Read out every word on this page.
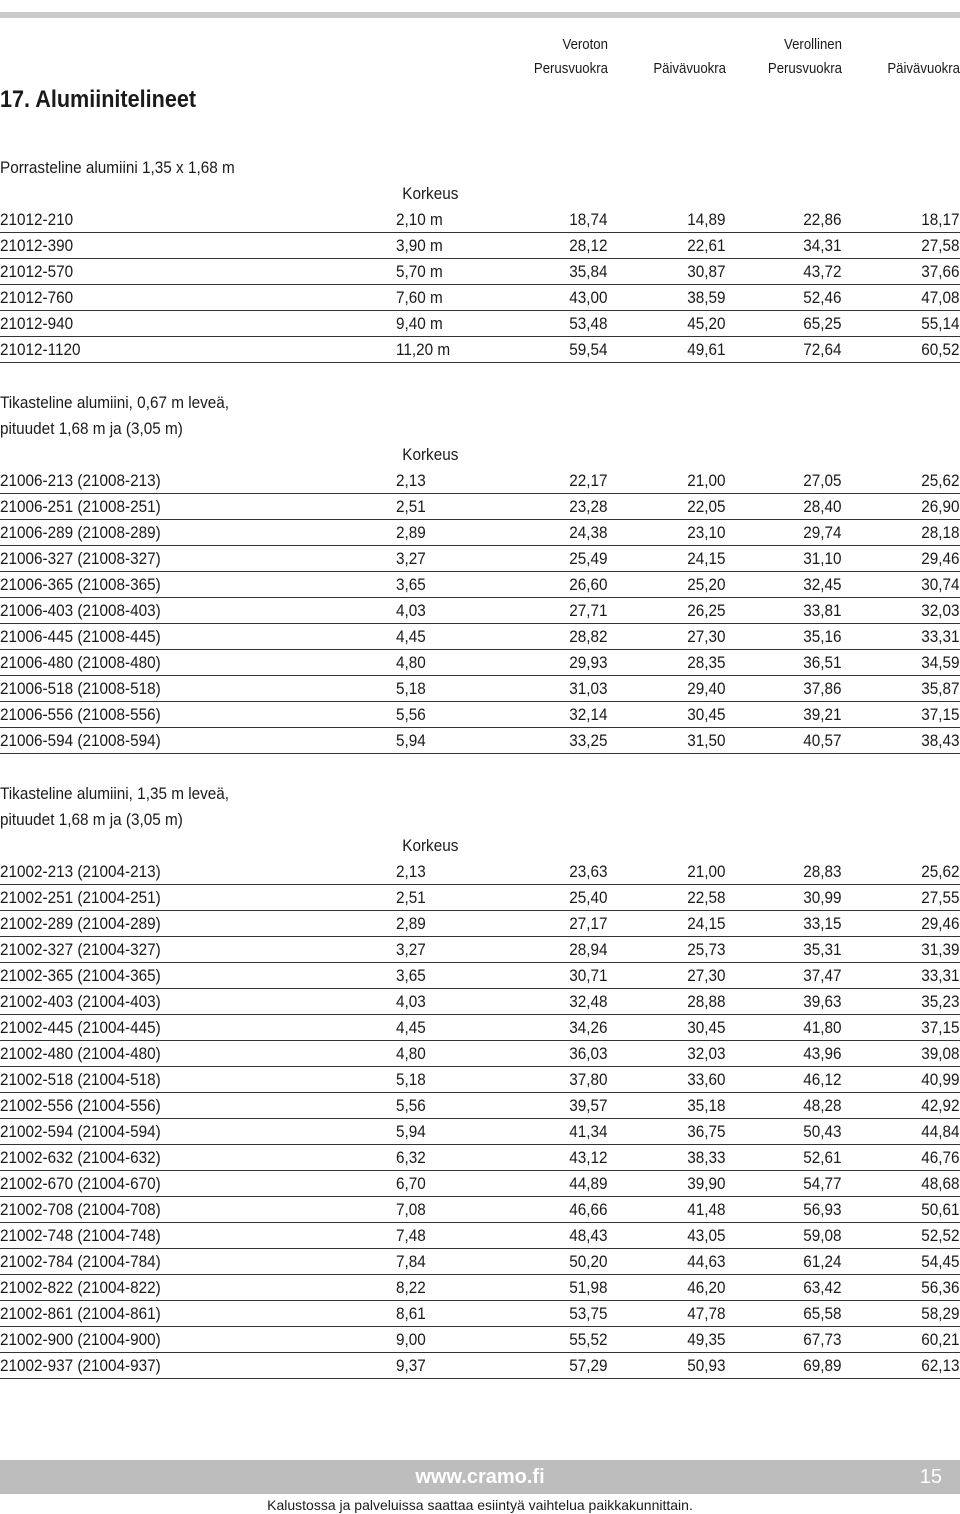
Veroton
Perusvuokra
	Päivävuokra
Verollinen
Perusvuokra
	Päivävuokra
17. Alumiinitelineet
Porrasteline alumiini 1,35 x 1,68 m
Korkeus
21012-210	2,10 m	18,74	14,89	22,86	18,17
21012-390	3,90 m	28,12	22,61	34,31	27,58
21012-570	5,70 m	35,84	30,87	43,72	37,66
21012-760	7,60 m	43,00	38,59	52,46	47,08
21012-940	9,40 m	53,48	45,20	65,25	55,14
21012-1120	11,20 m	59,54	49,61	72,64	60,52
Tikasteline alumiini, 0,67 m leveä,
pituudet 1,68 m ja (3,05 m)
Korkeus
21006-213 (21008-213)	2,13	22,17	21,00	27,05	25,62
21006-251 (21008-251)	2,51	23,28	22,05	28,40	26,90
21006-289 (21008-289)	2,89	24,38	23,10	29,74	28,18
21006-327 (21008-327)	3,27	25,49	24,15	31,10	29,46
21006-365 (21008-365)	3,65	26,60	25,20	32,45	30,74
21006-403 (21008-403)	4,03	27,71	26,25	33,81	32,03
21006-445 (21008-445)	4,45	28,82	27,30	35,16	33,31
21006-480 (21008-480)	4,80	29,93	28,35	36,51	34,59
21006-518 (21008-518)	5,18	31,03	29,40	37,86	35,87
21006-556 (21008-556)	5,56	32,14	30,45	39,21	37,15
21006-594 (21008-594)	5,94	33,25	31,50	40,57	38,43
Tikasteline alumiini, 1,35 m leveä,
pituudet 1,68 m ja (3,05 m)
Korkeus
21002-213 (21004-213)	2,13	23,63	21,00	28,83	25,62
21002-251 (21004-251)	2,51	25,40	22,58	30,99	27,55
21002-289 (21004-289)	2,89	27,17	24,15	33,15	29,46
21002-327 (21004-327)	3,27	28,94	25,73	35,31	31,39
21002-365 (21004-365)	3,65	30,71	27,30	37,47	33,31
21002-403 (21004-403)	4,03	32,48	28,88	39,63	35,23
21002-445 (21004-445)	4,45	34,26	30,45	41,80	37,15
21002-480 (21004-480)	4,80	36,03	32,03	43,96	39,08
21002-518 (21004-518)	5,18	37,80	33,60	46,12	40,99
21002-556 (21004-556)	5,56	39,57	35,18	48,28	42,92
21002-594 (21004-594)	5,94	41,34	36,75	50,43	44,84
21002-632 (21004-632)	6,32	43,12	38,33	52,61	46,76
21002-670 (21004-670)	6,70	44,89	39,90	54,77	48,68
21002-708 (21004-708)	7,08	46,66	41,48	56,93	50,61
21002-748 (21004-748)	7,48	48,43	43,05	59,08	52,52
21002-784 (21004-784)	7,84	50,20	44,63	61,24	54,45
21002-822 (21004-822)	8,22	51,98	46,20	63,42	56,36
21002-861 (21004-861)	8,61	53,75	47,78	65,58	58,29
21002-900 (21004-900)	9,00	55,52	49,35	67,73	60,21
21002-937 (21004-937)	9,37	57,29	50,93	69,89	62,13
www.cramo.fi	15
Kalustossa ja palveluissa saattaa esiintyä vaihtelua paikkakunnittain.
